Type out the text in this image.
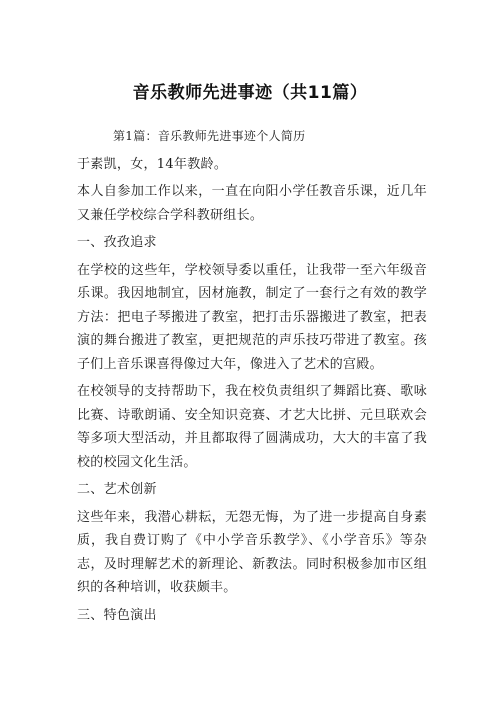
音乐教师先进事迹（共11篇）

第1篇：音乐教师先进事迹个人简历

于素凯，女，14年教龄。

本人自参加工作以来，一直在向阳小学任教音乐课，近几年又兼任学校综合学科教研组长。

一、孜孜追求

在学校的这些年，学校领导委以重任，让我带一至六年级音乐课。我因地制宜，因材施教，制定了一套行之有效的教学方法：把电子琴搬进了教室，把打击乐器搬进了教室，把表演的舞台搬进了教室，更把规范的声乐技巧带进了教室。孩子们上音乐课喜得像过大年，像进入了艺术的宫殿。

在校领导的支持帮助下，我在校负责组织了舞蹈比赛、歌咏比赛、诗歌朗诵、安全知识竞赛、才艺大比拼、元旦联欢会等多项大型活动，并且都取得了圆满成功，大大的丰富了我校的校园文化生活。

二、艺术创新

这些年来，我潜心耕耘，无怨无悔，为了进一步提高自身素质，我自费订购了《中小学音乐教学》、《小学音乐》等杂志，及时理解艺术的新理论、新教法。同时积极参加市区组织的各种培训，收获颇丰。

三、特色演出
